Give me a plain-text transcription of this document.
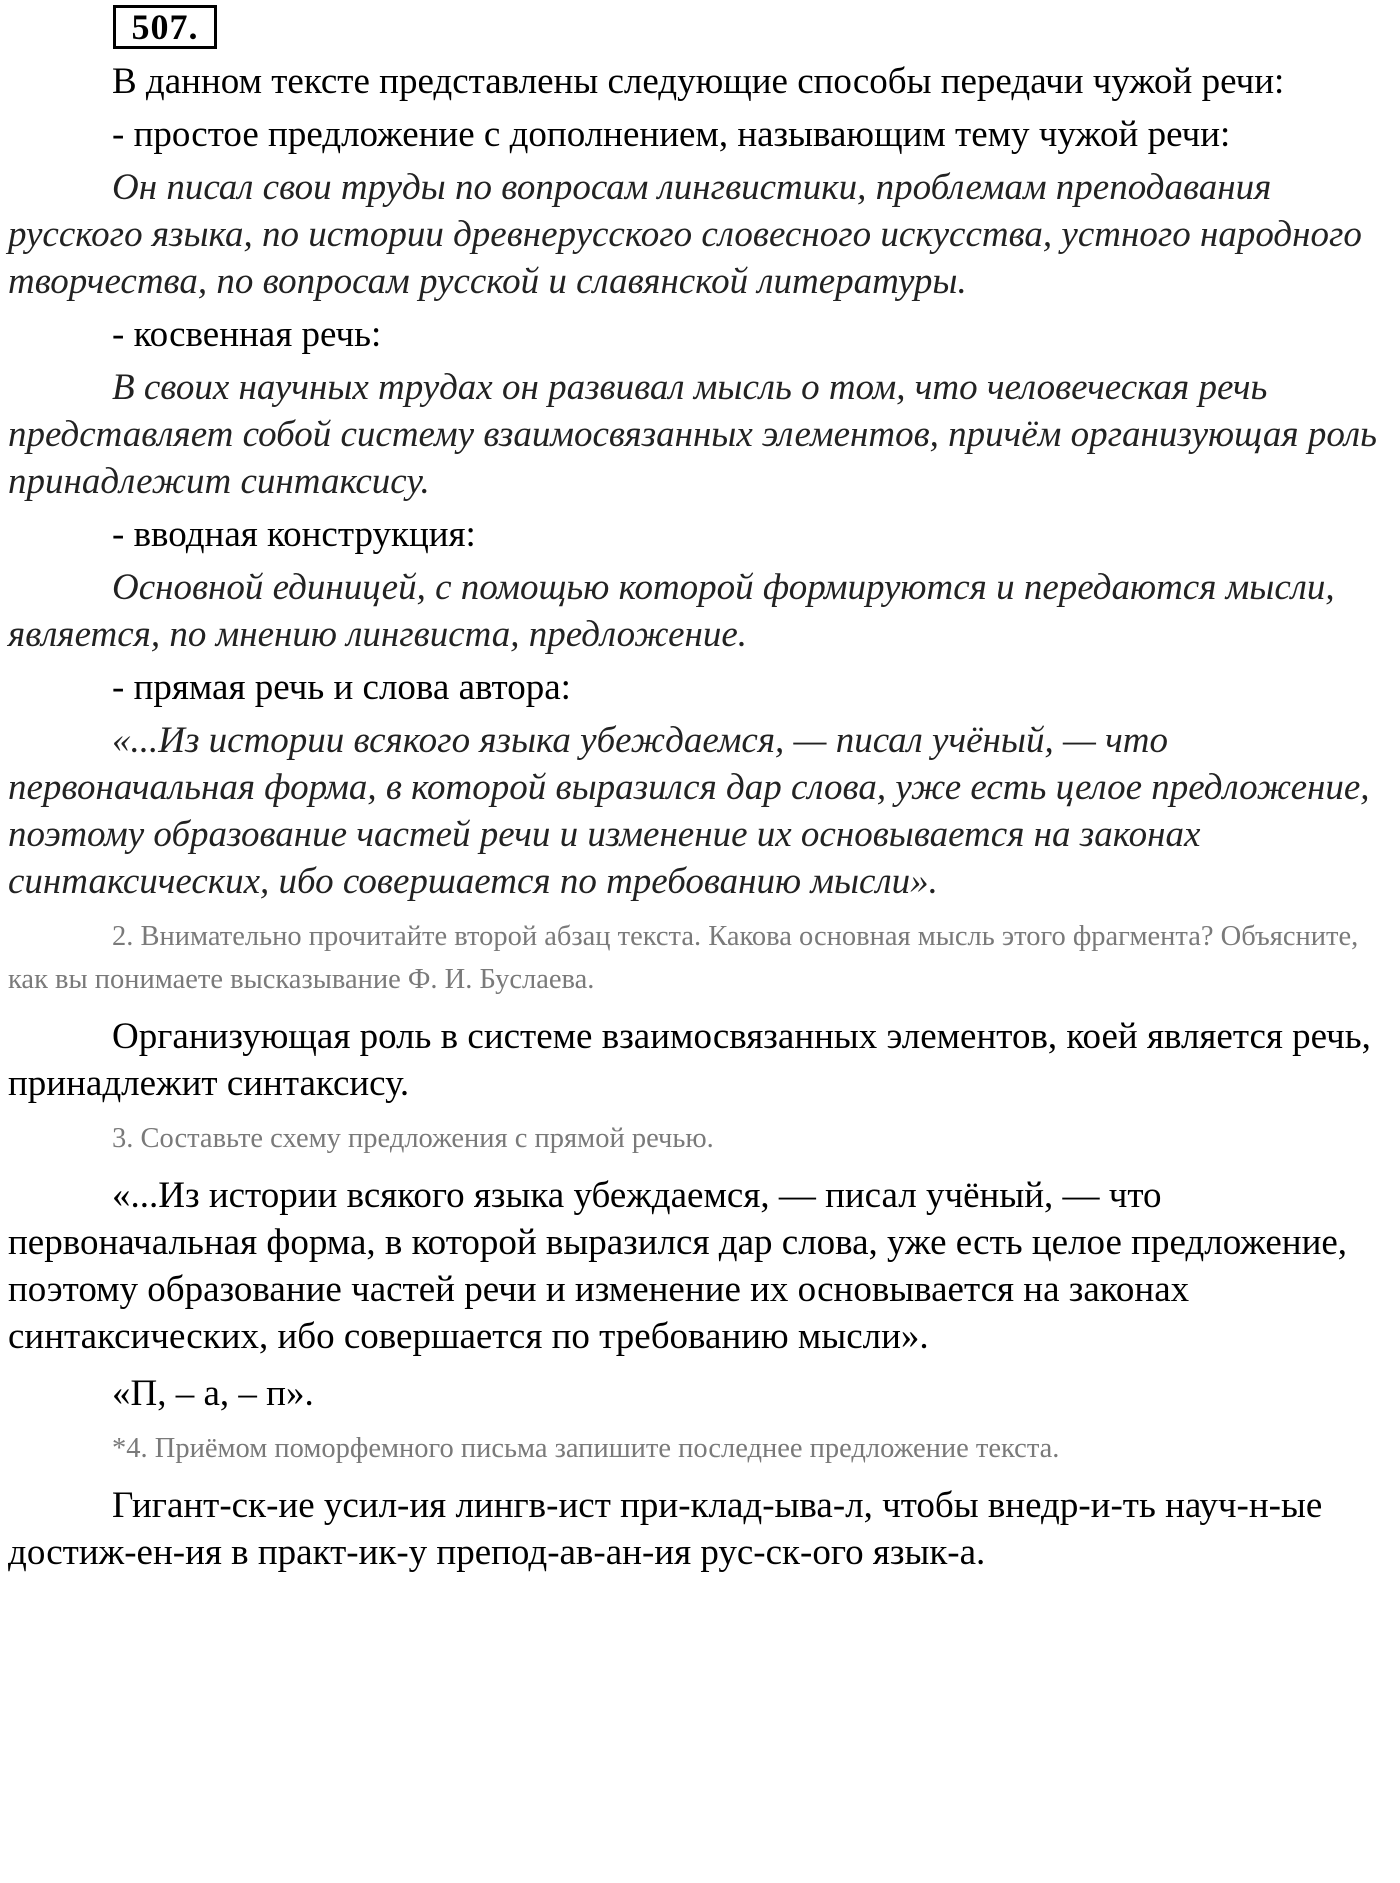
507.

В данном тексте представлены следующие способы передачи чужой речи:

- простое предложение с дополнением, называющим тему чужой речи:

Он писал свои труды по вопросам лингвистики, проблемам преподавания русского языка, по истории древнерусского словесного искусства, устного народного творчества, по вопросам русской и славянской литературы.

- косвенная речь:

В своих научных трудах он развивал мысль о том, что человеческая речь представляет собой систему взаимосвязанных элементов, причём организующая роль принадлежит синтаксису.

- вводная конструкция:

Основной единицей, с помощью которой формируются и передаются мысли, является, по мнению лингвиста, предложение.

- прямая речь и слова автора:

«...Из истории всякого языка убеждаемся, — писал учёный, — что первоначальная форма, в которой выразился дар слова, уже есть целое предложение, поэтому образование частей речи и изменение их основывается на законах синтаксических, ибо совершается по требованию мысли».

2. Внимательно прочитайте второй абзац текста. Какова основная мысль этого фрагмента? Объясните, как вы понимаете высказывание Ф. И. Буслаева.

Организующая роль в системе взаимосвязанных элементов, коей является речь, принадлежит синтаксису.

3. Составьте схему предложения с прямой речью.

«...Из истории всякого языка убеждаемся, — писал учёный, — что первоначальная форма, в которой выразился дар слова, уже есть целое предложение, поэтому образование частей речи и изменение их основывается на законах синтаксических, ибо совершается по требованию мысли».

«П, – а, – п».

*4. Приёмом поморфемного письма запишите последнее предложение текста.

Гигант-ск-ие усил-ия лингв-ист при-клад-ыва-л, чтобы внедр-и-ть науч-н-ые достиж-ен-ия в практ-ик-у препод-ав-ан-ия рус-ск-ого язык-а.
